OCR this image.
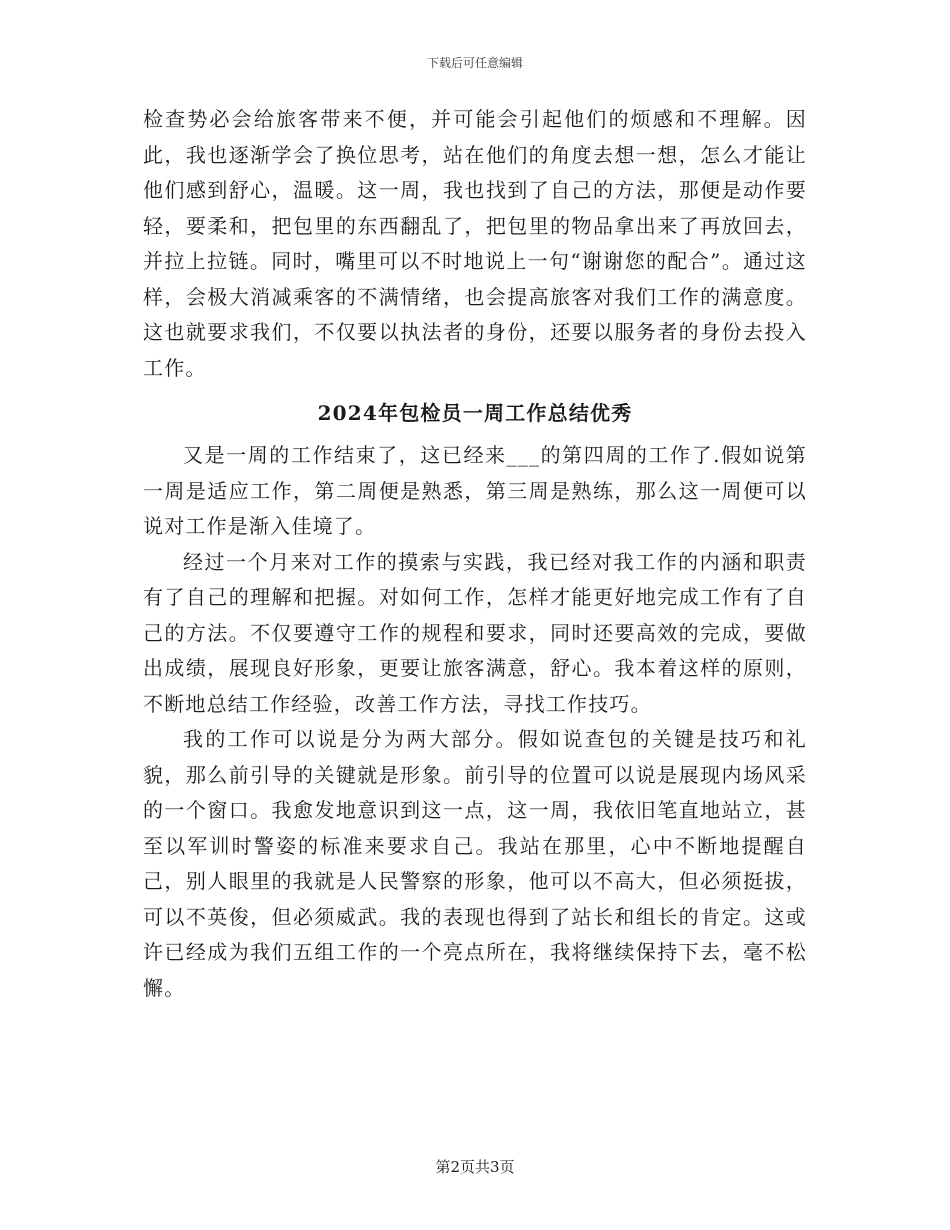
下载后可任意编辑

检查势必会给旅客带来不便，并可能会引起他们的烦感和不理解。因此，我也逐渐学会了换位思考，站在他们的角度去想一想，怎么才能让他们感到舒心，温暖。这一周，我也找到了自己的方法，那便是动作要轻，要柔和，把包里的东西翻乱了，把包里的物品拿出来了再放回去，并拉上拉链。同时，嘴里可以不时地说上一句“谢谢您的配合”。通过这样，会极大消减乘客的不满情绪，也会提高旅客对我们工作的满意度。这也就要求我们，不仅要以执法者的身份，还要以服务者的身份去投入工作。

2024年包检员一周工作总结优秀

又是一周的工作结束了，这已经来___的第四周的工作了.假如说第一周是适应工作，第二周便是熟悉，第三周是熟练，那么这一周便可以说对工作是渐入佳境了。

经过一个月来对工作的摸索与实践，我已经对我工作的内涵和职责有了自己的理解和把握。对如何工作，怎样才能更好地完成工作有了自己的方法。不仅要遵守工作的规程和要求，同时还要高效的完成，要做出成绩，展现良好形象，更要让旅客满意，舒心。我本着这样的原则，不断地总结工作经验，改善工作方法，寻找工作技巧。

我的工作可以说是分为两大部分。假如说查包的关键是技巧和礼貌，那么前引导的关键就是形象。前引导的位置可以说是展现内场风采的一个窗口。我愈发地意识到这一点，这一周，我依旧笔直地站立，甚至以军训时警姿的标准来要求自己。我站在那里，心中不断地提醒自己，别人眼里的我就是人民警察的形象，他可以不高大，但必须挺拔，可以不英俊，但必须威武。我的表现也得到了站长和组长的肯定。这或许已经成为我们五组工作的一个亮点所在，我将继续保持下去，毫不松懈。

第2页共3页
